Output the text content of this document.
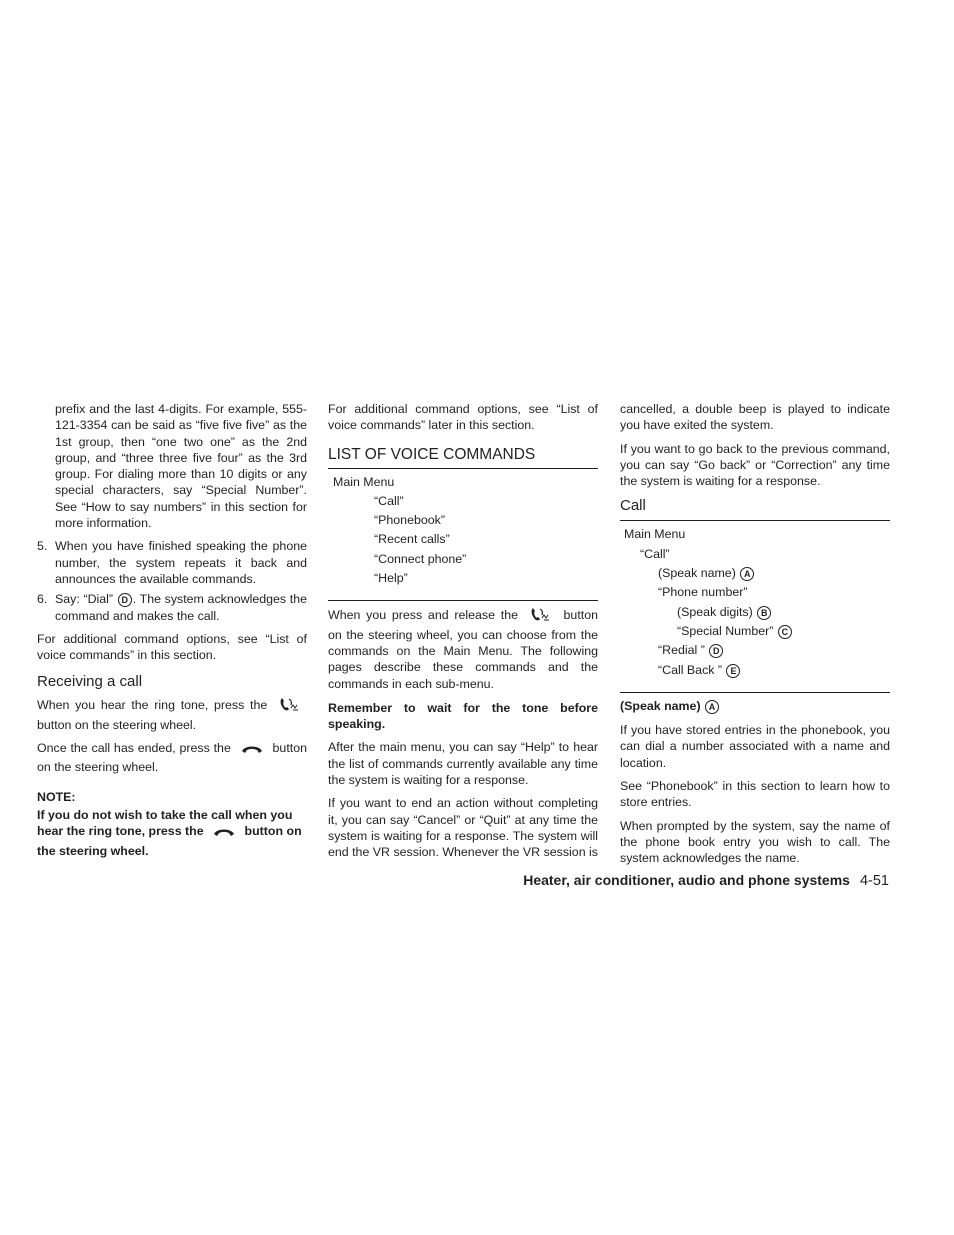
prefix and the last 4-digits. For example, 555-121-3354 can be said as “five five five” as the 1st group, then “one two one” as the 2nd group, and “three three five four” as the 3rd group. For dialing more than 10 digits or any special characters, say “Special Number”. See “How to say numbers” in this section for more information.

5. When you have finished speaking the phone number, the system repeats it back and announces the available commands.
6. Say: “Dial” D . The system acknowledges the command and makes the call.

For additional command options, see “List of voice commands” in this section.

Receiving a call

When you hear the ring tone, press the  button on the steering wheel.

Once the call has ended, press the	button on the steering wheel.

NOTE:

If you do not wish to take the call when you hear the ring tone, press the	button on the steering wheel.

For additional command options, see “List of voice commands” later in this section.

LIST OF VOICE COMMANDS
Main Menu
“Call”
“Phonebook”
“Recent calls”
“Connect phone”
“Help”

When you press and release the	button on the steering wheel, you can choose from the commands on the Main Menu. The following pages describe these commands and the commands in each sub-menu.

Remember to wait for the tone before speaking.

After the main menu, you can say “Help” to hear the list of commands currently available any time the system is waiting for a response.

If you want to end an action without completing it, you can say “Cancel” or “Quit” at any time the system is waiting for a response. The system will end the VR session. Whenever the VR session is

cancelled, a double beep is played to indicate you have exited the system.

If you want to go back to the previous command, you can say “Go back” or “Correction” any time the system is waiting for a response.

Call
Main Menu
“Call”
(Speak name) A
“Phone number”
(Speak digits) B
“Special Number” C
“Redial ” D
“Call Back ” E

(Speak name) A

If you have stored entries in the phonebook, you can dial a number associated with a name and location.

See “Phonebook” in this section to learn how to store entries.

When prompted by the system, say the name of the phone book entry you wish to call. The system acknowledges the name.

Heater, air conditioner, audio and phone systems 4-51
